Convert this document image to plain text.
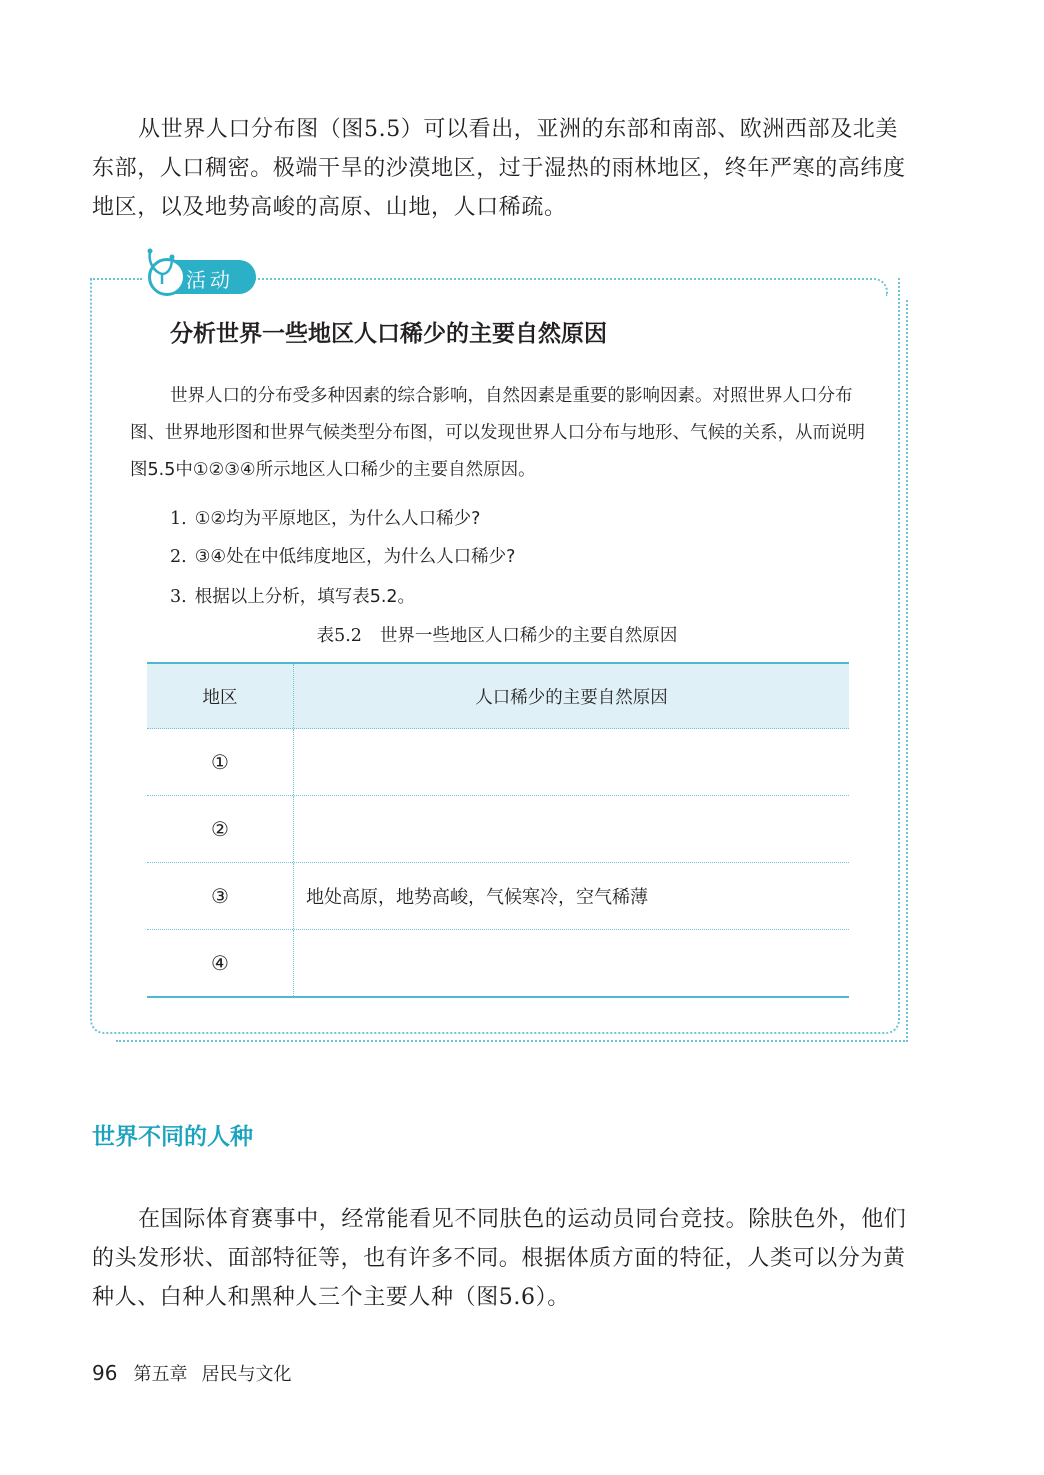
从世界人口分布图（图5.5）可以看出，亚洲的东部和南部、欧洲西部及北美东部，人口稠密。极端干旱的沙漠地区，过于湿热的雨林地区，终年严寒的高纬度地区，以及地势高峻的高原、山地，人口稀疏。

活动
分析世界一些地区人口稀少的主要自然原因

世界人口的分布受多种因素的综合影响，自然因素是重要的影响因素。对照世界人口分布图、世界地形图和世界气候类型分布图，可以发现世界人口分布与地形、气候的关系，从而说明图5.5中①②③④所示地区人口稀少的主要自然原因。

1. ①②均为平原地区，为什么人口稀少?

2. ③④处在中低纬度地区，为什么人口稀少?

3. 根据以上分析，填写表5.2。

表5.2 世界一些地区人口稀少的主要自然原因
地区	人口稀少的主要自然原因
①
②
③	地处高原，地势高峻，气候寒冷，空气稀薄
④
世界不同的人种

在国际体育赛事中，经常能看见不同肤色的运动员同台竞技。除肤色外，他们的头发形状、面部特征等，也有许多不同。根据体质方面的特征，人类可以分为黄种人、白种人和黑种人三个主要人种（图5.6）。

96 第五章 居民与文化
